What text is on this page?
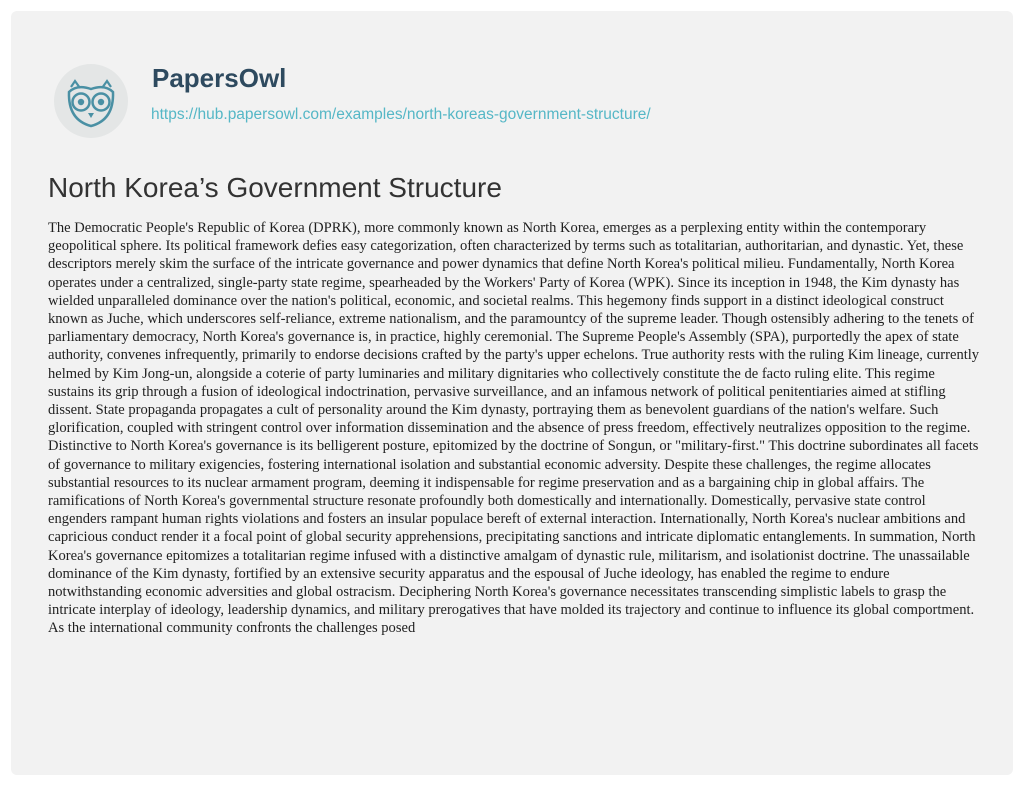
PapersOwl
https://hub.papersowl.com/examples/north-koreas-government-structure/
North Korea’s Government Structure

The Democratic People's Republic of Korea (DPRK), more commonly known as North Korea, emerges as a perplexing entity within the contemporary geopolitical sphere. Its political framework defies easy categorization, often characterized by terms such as totalitarian, authoritarian, and dynastic. Yet, these descriptors merely skim the surface of the intricate governance and power dynamics that define North Korea's political milieu. Fundamentally, North Korea operates under a centralized, single-party state regime, spearheaded by the Workers' Party of Korea (WPK). Since its inception in 1948, the Kim dynasty has wielded unparalleled dominance over the nation's political, economic, and societal realms. This hegemony finds support in a distinct ideological construct known as Juche, which underscores self-reliance, extreme nationalism, and the paramountcy of the supreme leader. Though ostensibly adhering to the tenets of parliamentary democracy, North Korea's governance is, in practice, highly ceremonial. The Supreme People's Assembly (SPA), purportedly the apex of state authority, convenes infrequently, primarily to endorse decisions crafted by the party's upper echelons. True authority rests with the ruling Kim lineage, currently helmed by Kim Jong-un, alongside a coterie of party luminaries and military dignitaries who collectively constitute the de facto ruling elite. This regime sustains its grip through a fusion of ideological indoctrination, pervasive surveillance, and an infamous network of political penitentiaries aimed at stifling dissent. State propaganda propagates a cult of personality around the Kim dynasty, portraying them as benevolent guardians of the nation's welfare. Such glorification, coupled with stringent control over information dissemination and the absence of press freedom, effectively neutralizes opposition to the regime. Distinctive to North Korea's governance is its belligerent posture, epitomized by the doctrine of Songun, or "military-first." This doctrine subordinates all facets of governance to military exigencies, fostering international isolation and substantial economic adversity. Despite these challenges, the regime allocates substantial resources to its nuclear armament program, deeming it indispensable for regime preservation and as a bargaining chip in global affairs. The ramifications of North Korea's governmental structure resonate profoundly both domestically and internationally. Domestically, pervasive state control engenders rampant human rights violations and fosters an insular populace bereft of external interaction. Internationally, North Korea's nuclear ambitions and capricious conduct render it a focal point of global security apprehensions, precipitating sanctions and intricate diplomatic entanglements. In summation, North Korea's governance epitomizes a totalitarian regime infused with a distinctive amalgam of dynastic rule, militarism, and isolationist doctrine. The unassailable dominance of the Kim dynasty, fortified by an extensive security apparatus and the espousal of Juche ideology, has enabled the regime to endure notwithstanding economic adversities and global ostracism. Deciphering North Korea's governance necessitates transcending simplistic labels to grasp the intricate interplay of ideology, leadership dynamics, and military prerogatives that have molded its trajectory and continue to influence its global comportment. As the international community confronts the challenges posed
